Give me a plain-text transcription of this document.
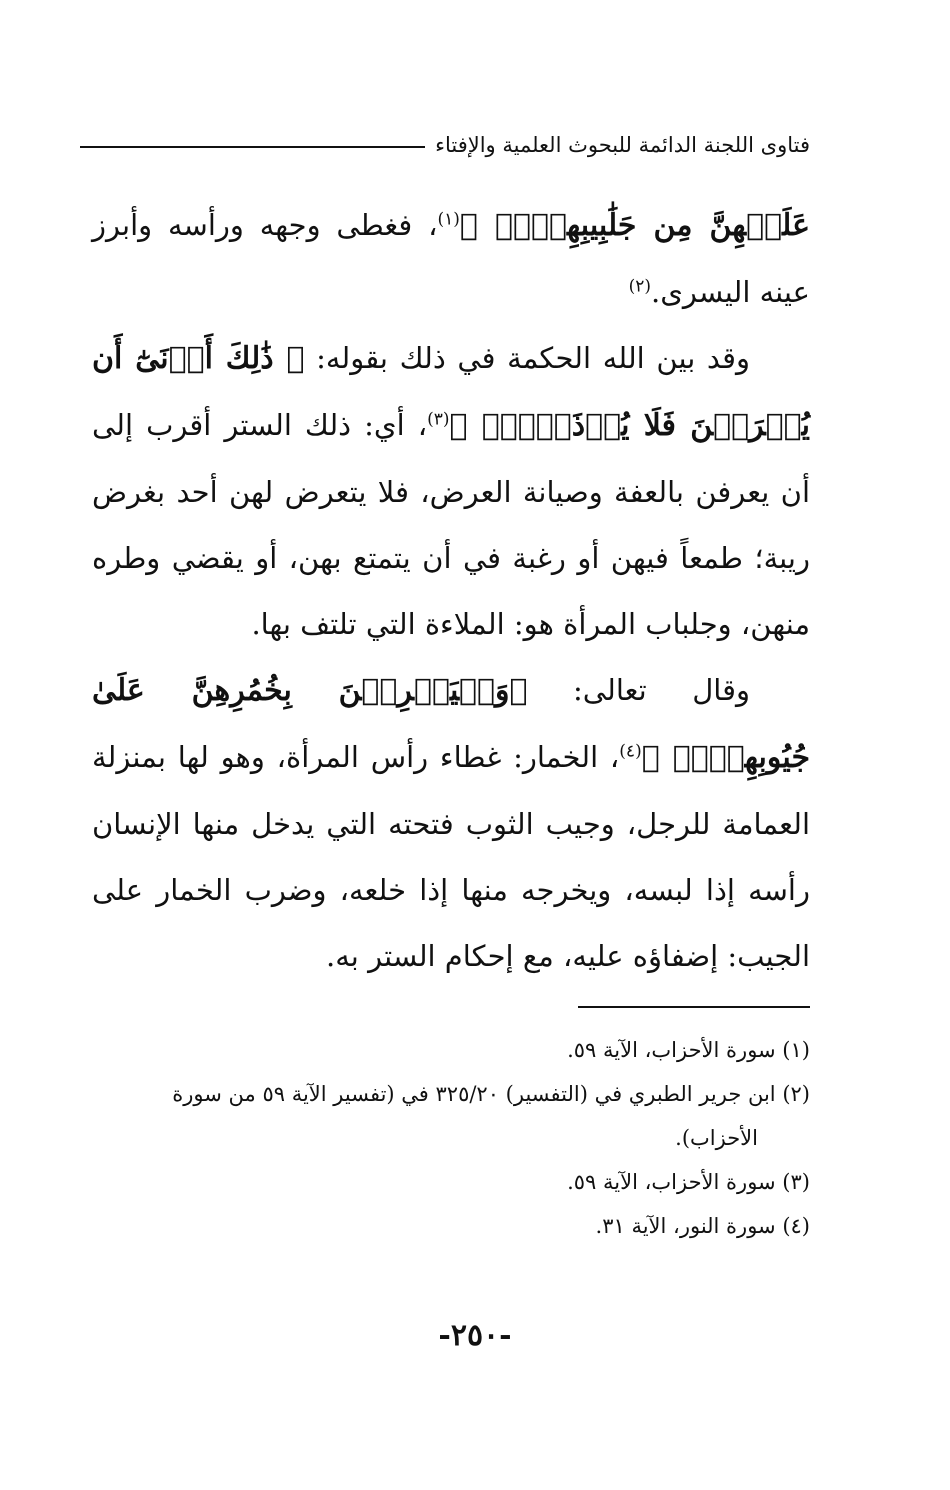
فتاوى اللجنة الدائمة للبحوث العلمية والإفتاء

عَلَيۡهِنَّ مِن جَلَٰبِيبِهِنَّۚ ﴾$^{(١)}$، فغطى وجهه ورأسه وأبرز عينه اليسرى.$^{(٢)}$

وقد بين الله الحكمة في ذلك بقوله: ﴿ ذَٰلِكَ أَدۡنَىٰٓ أَن يُعۡرَفۡنَ فَلَا يُؤۡذَيۡنَۗ ﴾$^{(٣)}$، أي: ذلك الستر أقرب إلى أن يعرفن بالعفة وصيانة العرض، فلا يتعرض لهن أحد بغرض ريبة؛ طمعاً فيهن أو رغبة في أن يتمتع بهن، أو يقضي وطره منهن، وجلباب المرأة هو: الملاءة التي تلتف بها.

وقال تعالى: ﴿وَلۡيَضۡرِبۡنَ بِخُمُرِهِنَّ عَلَىٰ جُيُوبِهِنَّۖ ﴾$^{(٤)}$، الخمار: غطاء رأس المرأة، وهو لها بمنزلة العمامة للرجل، وجيب الثوب فتحته التي يدخل منها الإنسان رأسه إذا لبسه، ويخرجه منها إذا خلعه، وضرب الخمار على الجيب: إضفاؤه عليه، مع إحكام الستر به.

(١) سورة الأحزاب، الآية ٥٩.

(٢) ابن جرير الطبري في (التفسير) ٣٢٥/٢٠ في (تفسير الآية ٥٩ من سورة

الأحزاب).

(٣) سورة الأحزاب، الآية ٥٩.

(٤) سورة النور، الآية ٣١.

-٢٥٠-
